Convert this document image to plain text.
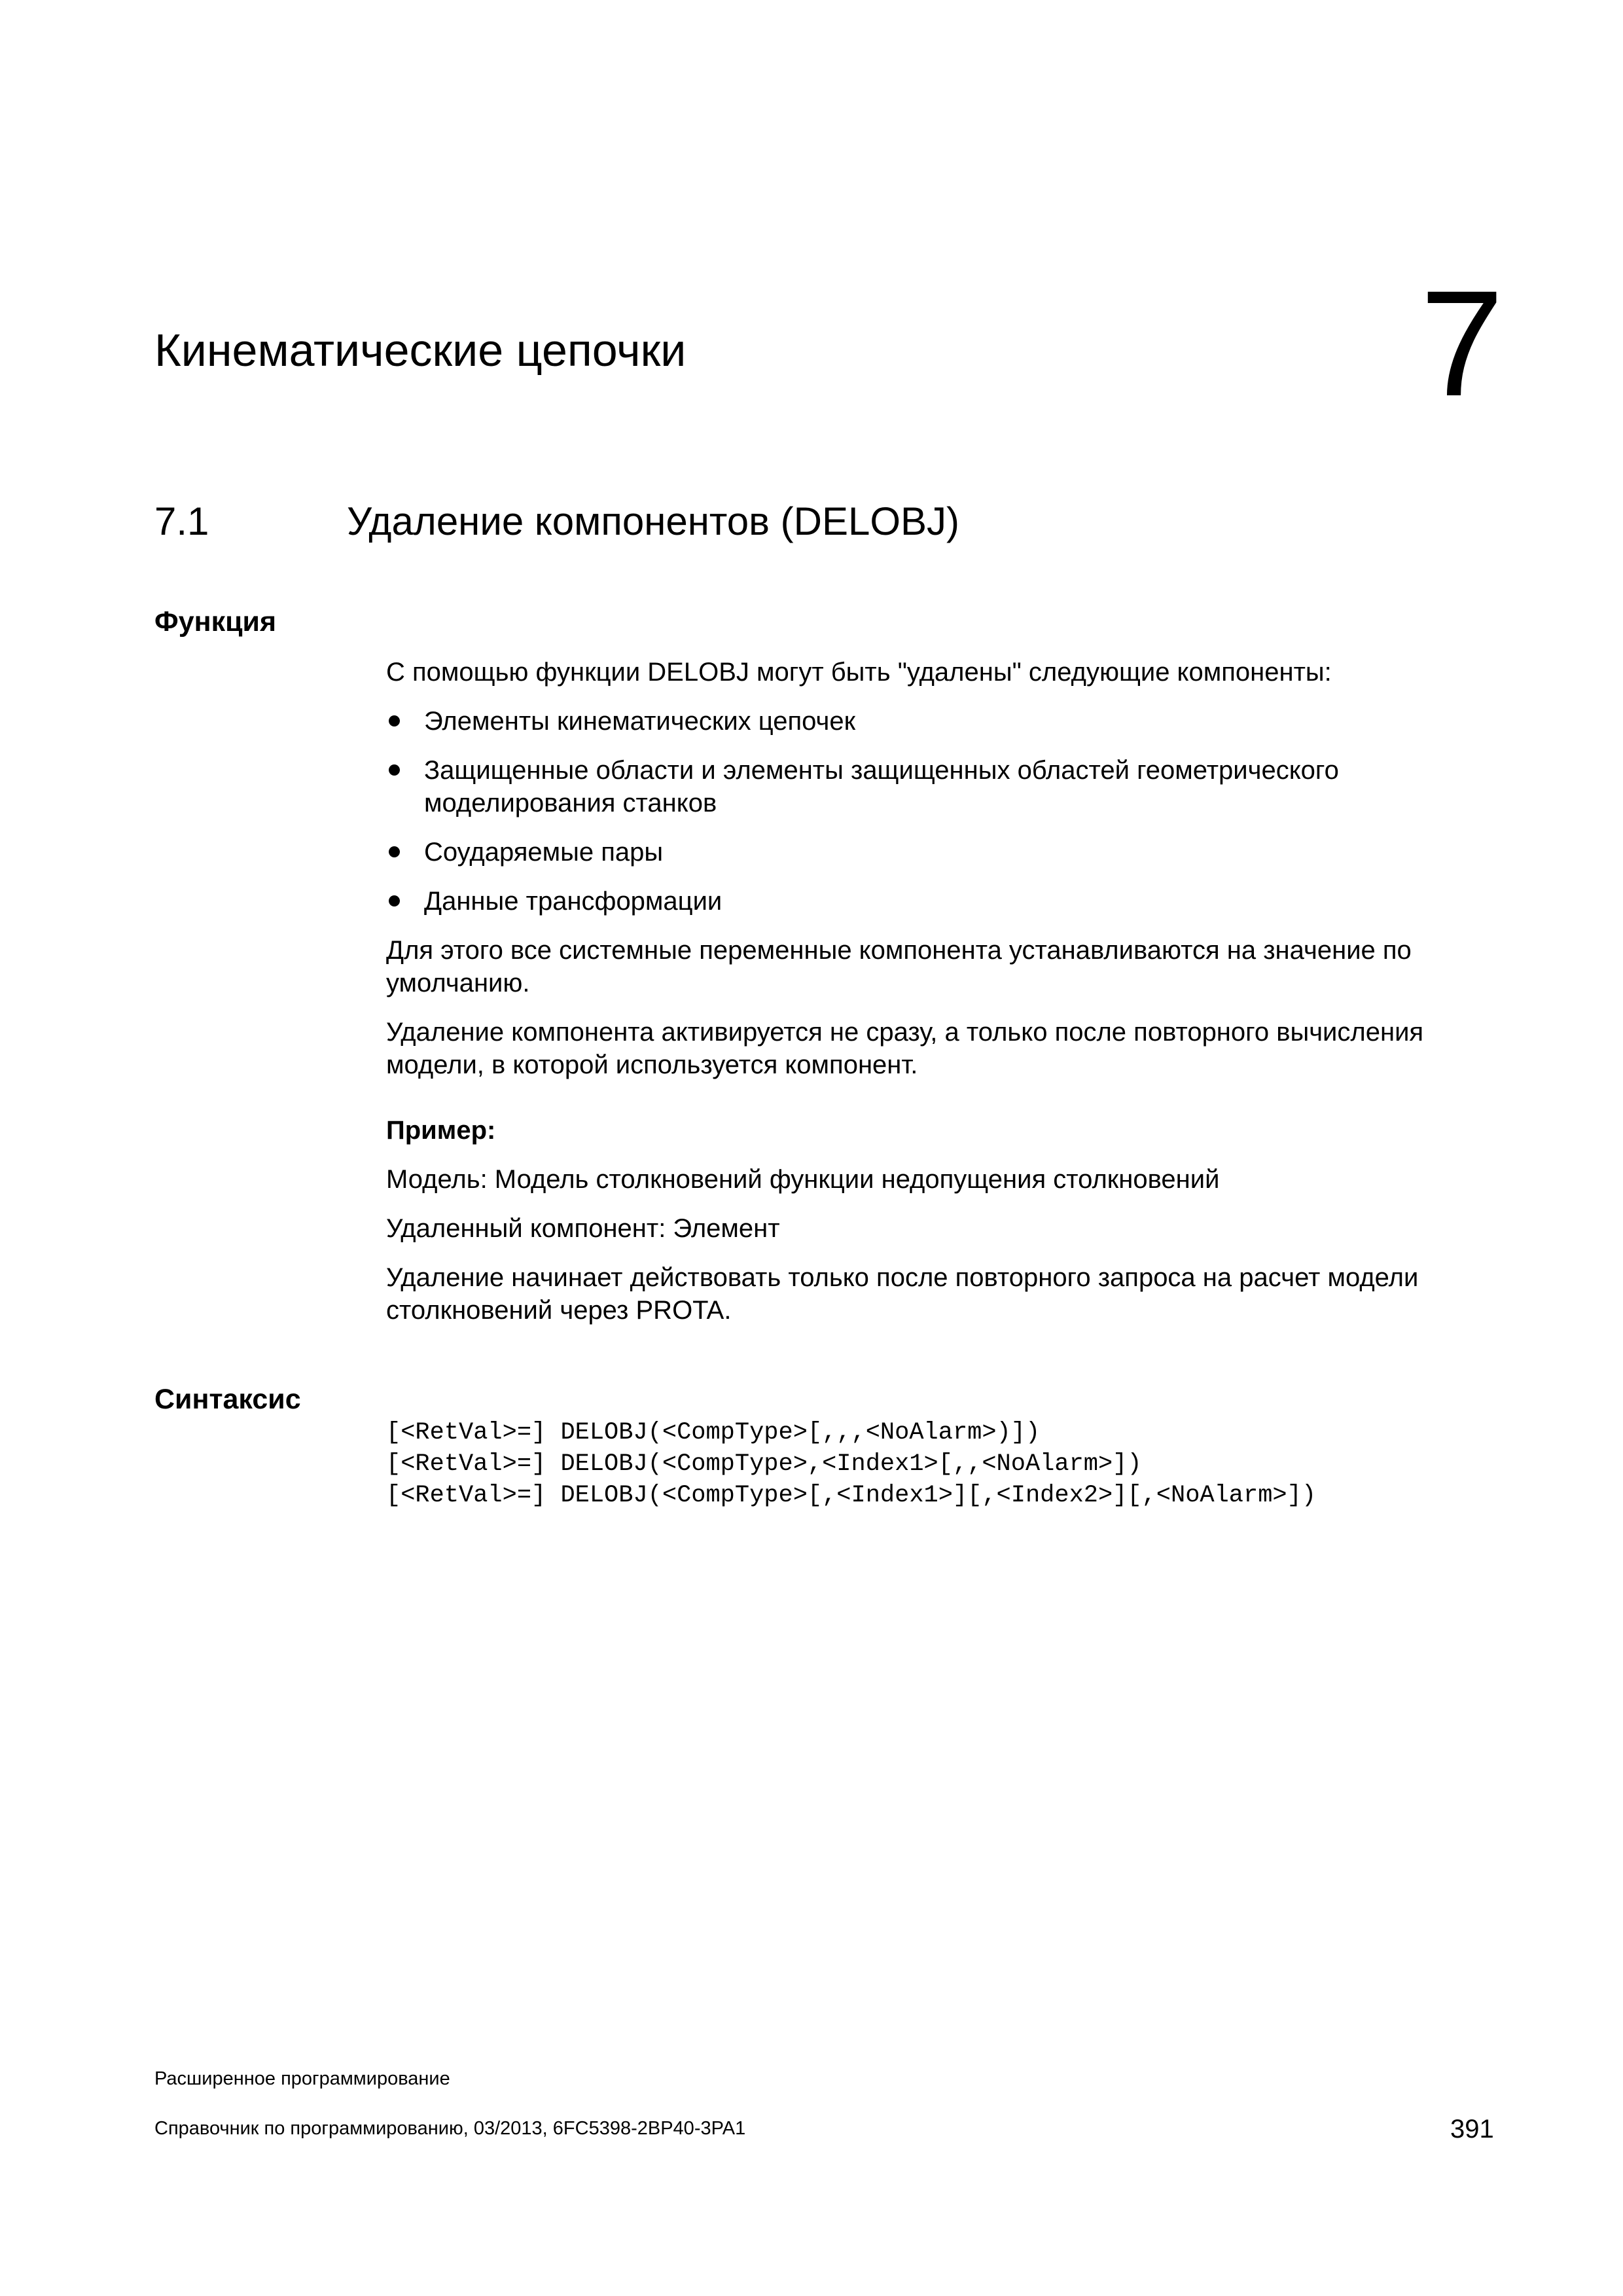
Кинематические цепочки	7
7.1	Удаление компонентов (DELOBJ)
Функция

С помощью функции DELOBJ могут быть "удалены" следующие компоненты:

Элементы кинематических цепочек
Защищенные области и элементы защищенных областей геометрического моделирования станков
Соударяемые пары
Данные трансформации

Для этого все системные переменные компонента устанавливаются на значение по умолчанию.

Удаление компонента активируется не сразу, а только после повторного вычисления модели, в которой используется компонент.

Пример:

Модель: Модель столкновений функции недопущения столкновений

Удаленный компонент: Элемент

Удаление начинает действовать только после повторного запроса на расчет модели столкновений через PROTA.

Синтаксис
[<RetVal>=] DELOBJ(<CompType>[,,,<NoAlarm>)])
[<RetVal>=] DELOBJ(<CompType>,<Index1>[,,<NoAlarm>])
[<RetVal>=] DELOBJ(<CompType>[,<Index1>][,<Index2>][,<NoAlarm>])
Расширенное программирование
Справочник по программированию, 03/2013, 6FC5398-2BP40-3PA1	391
